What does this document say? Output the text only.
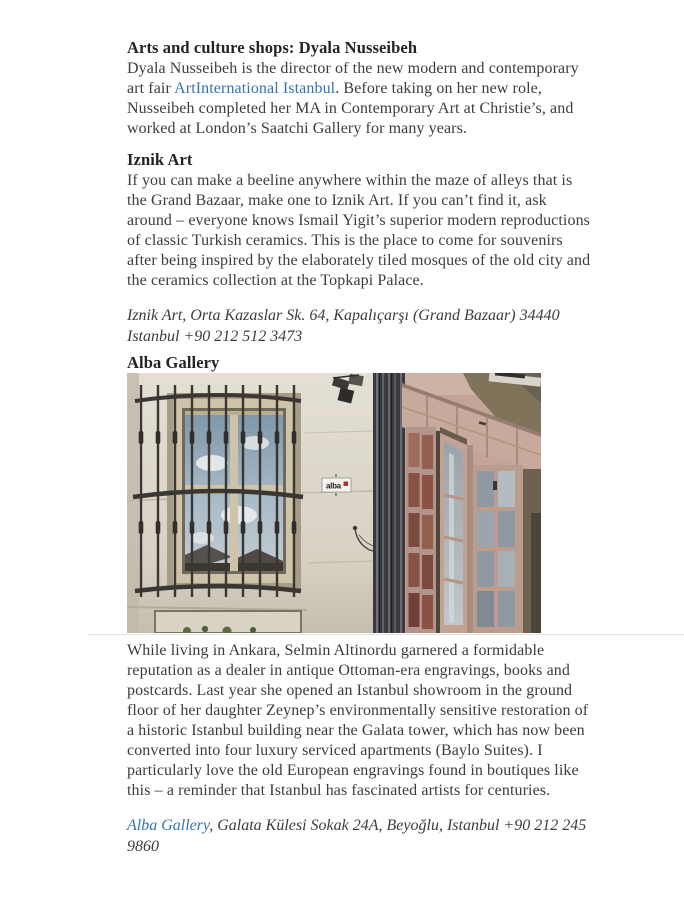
Arts and culture shops: Dyala Nusseibeh

Dyala Nusseibeh is the director of the new modern and contemporary art fair ArtInternational Istanbul. Before taking on her new role, Nusseibeh completed her MA in Contemporary Art at Christie’s, and worked at London’s Saatchi Gallery for many years.

Iznik Art

If you can make a beeline anywhere within the maze of alleys that is the Grand Bazaar, make one to Iznik Art. If you can’t find it, ask around – everyone knows Ismail Yigit’s superior modern reproductions of classic Turkish ceramics. This is the place to come for souvenirs after being inspired by the elaborately tiled mosques of the old city and the ceramics collection at the Topkapi Palace.

Iznik Art, Orta Kazaslar Sk. 64, Kapalıçarşı (Grand Bazaar) 34440 Istanbul +90 212 512 3473

Alba Gallery
alba

While living in Ankara, Selmin Altinordu garnered a formidable reputation as a dealer in antique Ottoman-era engravings, books and postcards. Last year she opened an Istanbul showroom in the ground floor of her daughter Zeynep’s environmentally sensitive restoration of a historic Istanbul building near the Galata tower, which has now been converted into four luxury serviced apartments (Baylo Suites). I particularly love the old European engravings found in boutiques like this – a reminder that Istanbul has fascinated artists for centuries.

Alba Gallery, Galata Külesi Sokak 24A, Beyoğlu, Istanbul +90 212 245 9860
